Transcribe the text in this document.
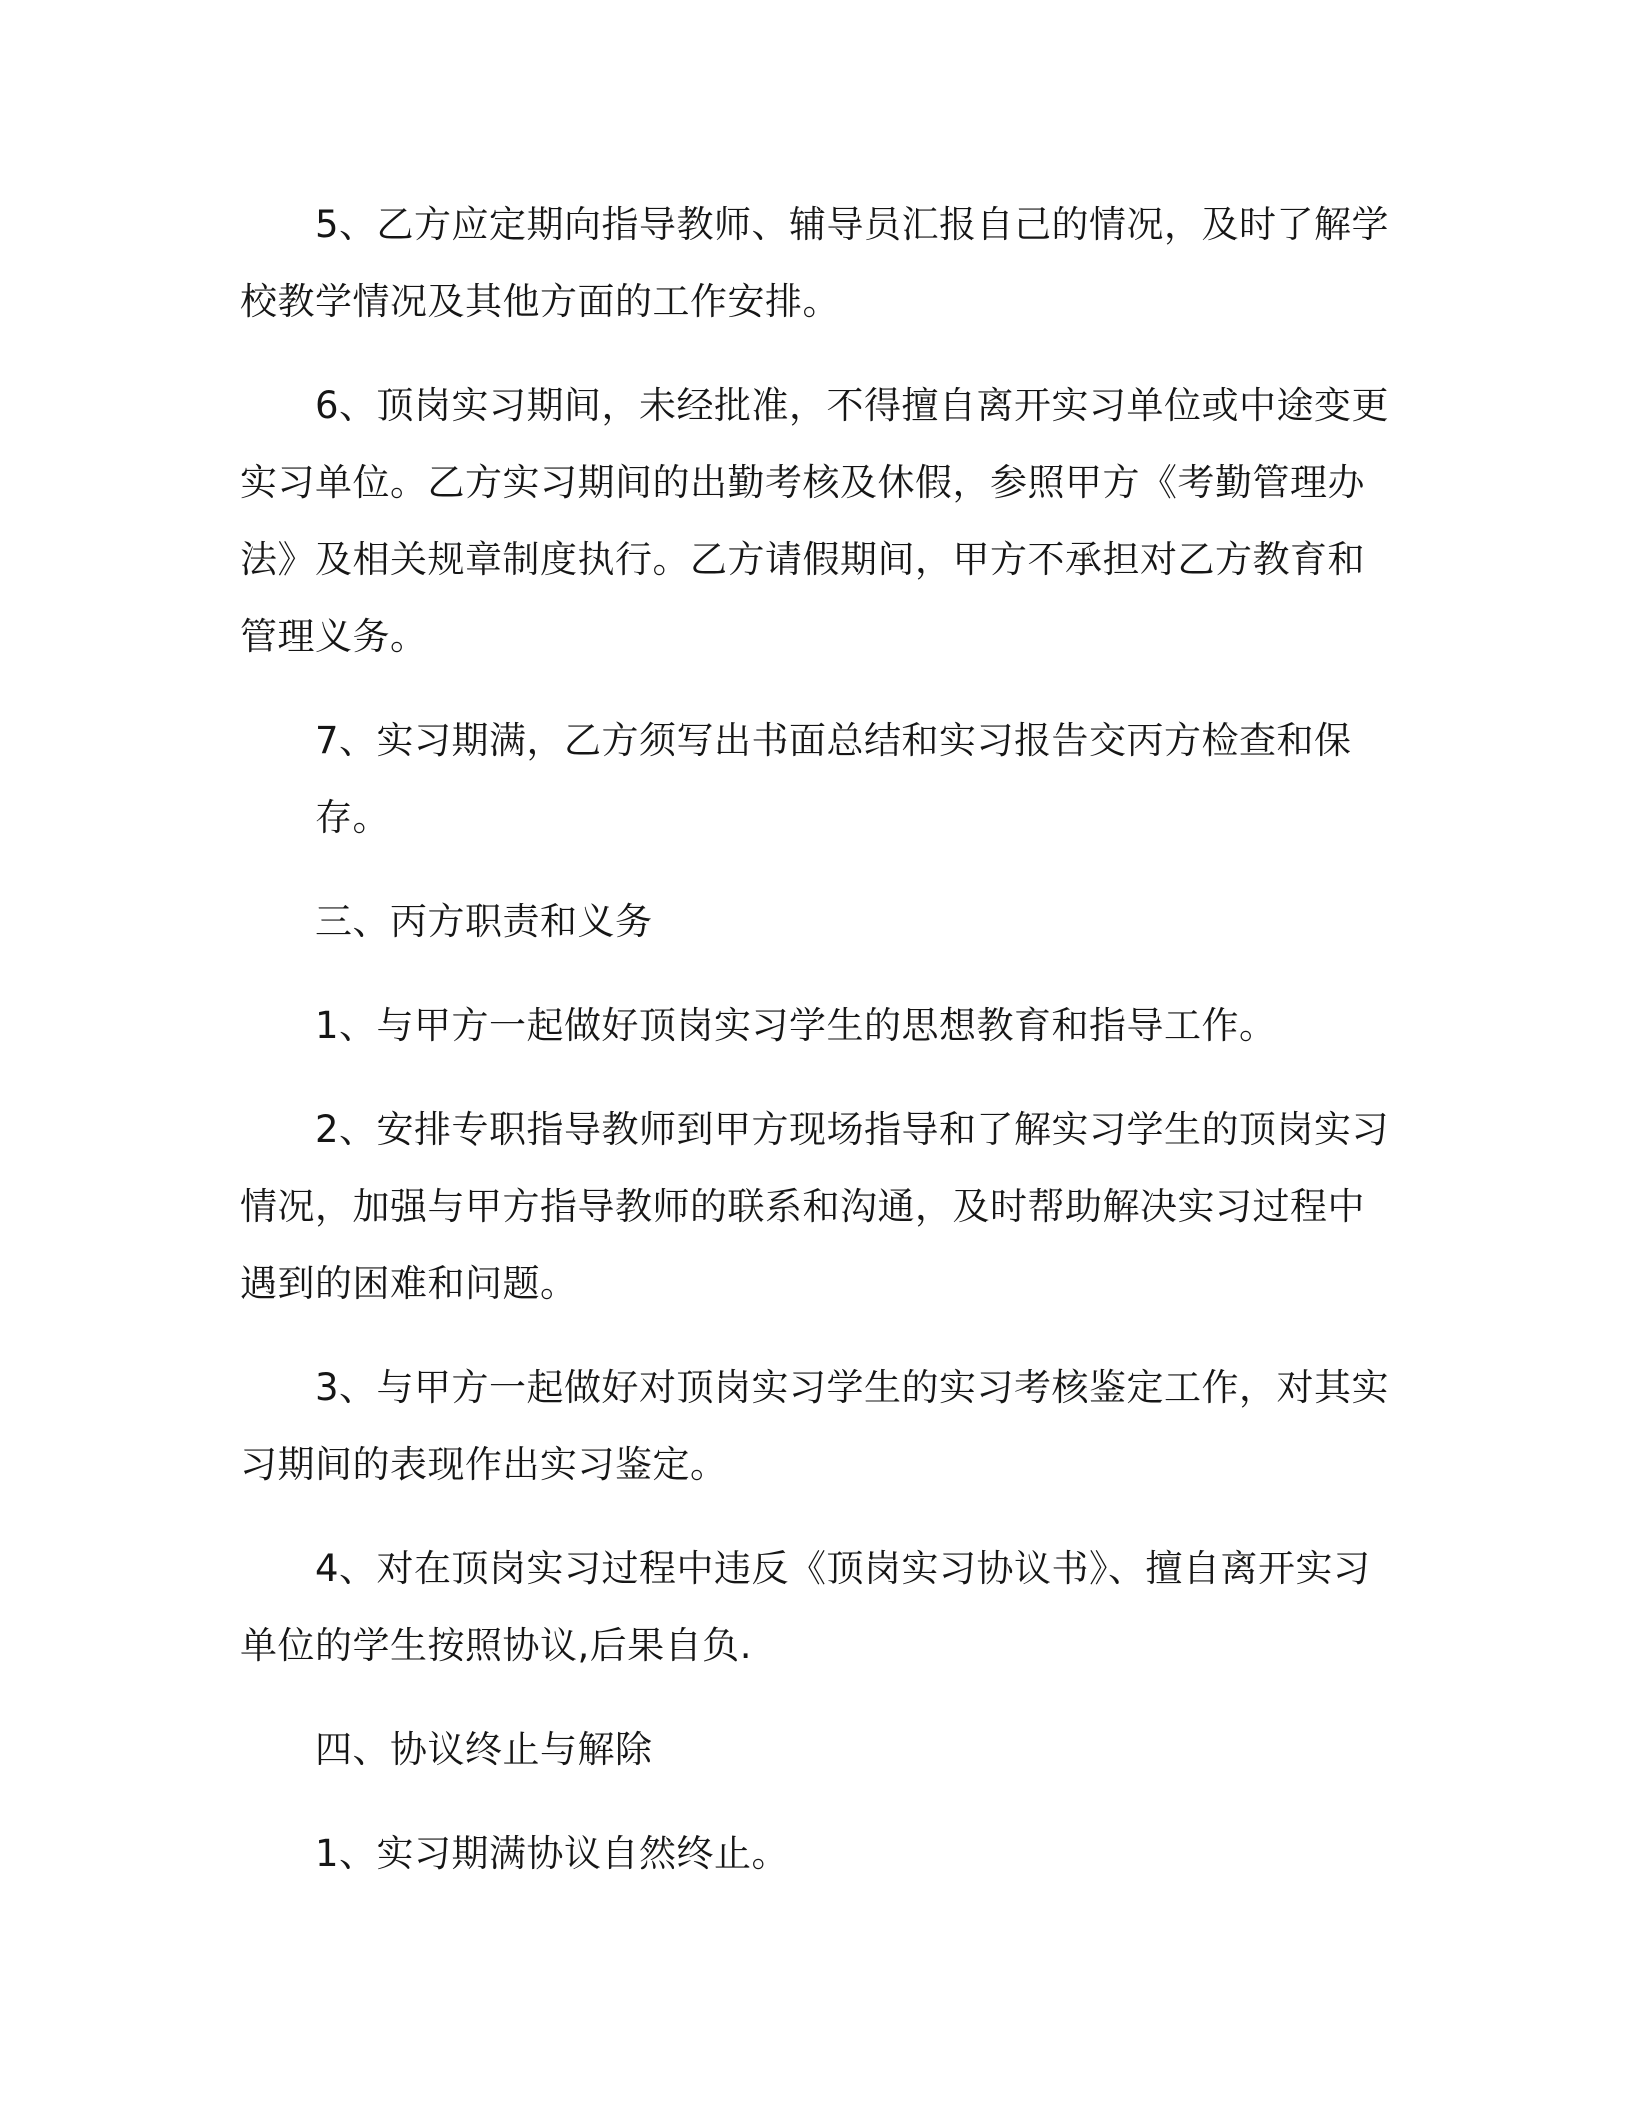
5、乙方应定期向指导教师、辅导员汇报自己的情况，及时了解学
校教学情况及其他方面的工作安排。
6、顶岗实习期间，未经批准，不得擅自离开实习单位或中途变更
实习单位。乙方实习期间的出勤考核及休假，参照甲方《考勤管理办
法》及相关规章制度执行。乙方请假期间，甲方不承担对乙方教育和
管理义务。
7、实习期满，乙方须写出书面总结和实习报告交丙方检查和保存。
三、丙方职责和义务
1、与甲方一起做好顶岗实习学生的思想教育和指导工作。
2、安排专职指导教师到甲方现场指导和了解实习学生的顶岗实习
情况，加强与甲方指导教师的联系和沟通，及时帮助解决实习过程中
遇到的困难和问题。
3、与甲方一起做好对顶岗实习学生的实习考核鉴定工作，对其实
习期间的表现作出实习鉴定。
4、对在顶岗实习过程中违反《顶岗实习协议书》、擅自离开实习
单位的学生按照协议,后果自负.
四、协议终止与解除
1、实习期满协议自然终止。
